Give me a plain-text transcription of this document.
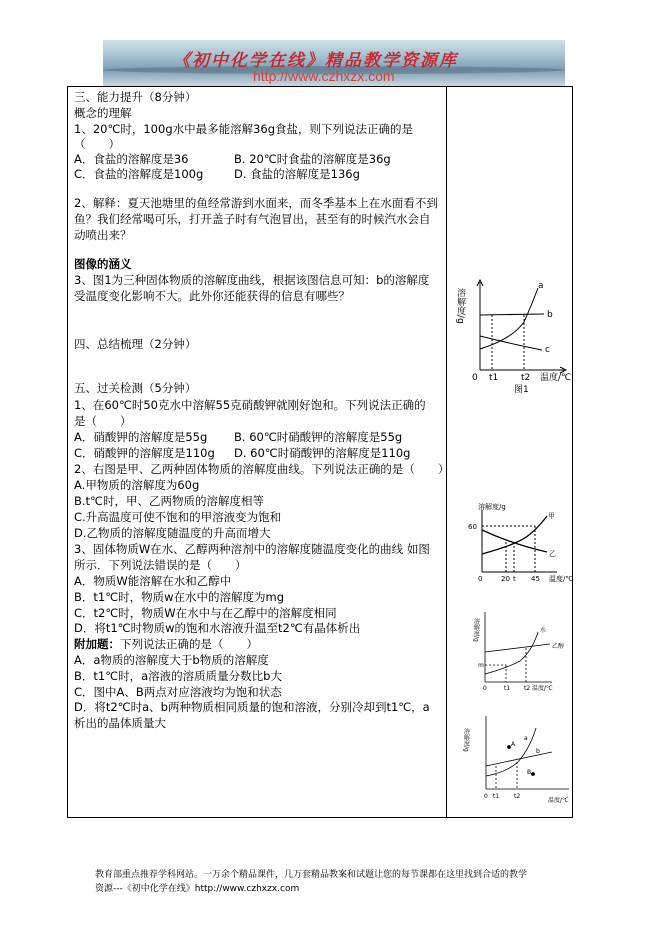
《初中化学在线》精品教学资源库
http://www.czhxzx.com
三、能力提升（8分钟）
概念的理解
1、20℃时，100g水中最多能溶解36g食盐，则下列说法正确的是
（　　）
A．食盐的溶解度是36	B. 20℃时食盐的溶解度是36g
C．食盐的溶解度是100g	D. 食盐的溶解度是136g
2、解释：夏天池塘里的鱼经常游到水面来，而冬季基本上在水面看不到
鱼？我们经常喝可乐，打开盖子时有气泡冒出，甚至有的时候汽水会自
动喷出来？
图像的涵义
3、图1为三种固体物质的溶解度曲线，根据该图信息可知：b的溶解度
受温度变化影响不大。此外你还能获得的信息有哪些？
四、总结梳理（2分钟）
五、过关检测（5分钟）
1、在60℃时50克水中溶解55克硝酸钾就刚好饱和。下列说法正确的
是（　　）
A．硝酸钾的溶解度是55g B. 60℃时硝酸钾的溶解度是55g
C．硝酸钾的溶解度是110g D. 60℃时硝酸钾的溶解度是110g
2、右图是甲、乙两种固体物质的溶解度曲线。下列说法正确的是（　　）
A.甲物质的溶解度为60g
B.t℃时，甲、乙两物质的溶解度相等
C.升高温度可使不饱和的甲溶液变为饱和
D.乙物质的溶解度随温度的升高而增大
3、固体物质W在水、乙醇两种溶剂中的溶解度随温度变化的曲线 如图
所示．下列说法错误的是（　　）
A．物质W能溶解在水和乙醇中
B．t1℃时，物质w在水中的溶解度为mg
C．t2℃时，物质W在水中与在乙醇中的溶解度相同
D．将t1℃时物质w的饱和水溶液升温至t2℃有晶体析出
附加题：下列说法正确的是（　　）
A．a物质的溶解度大于b物质的溶解度
B．t1℃时，a溶液的溶质质量分数比b大
C．图中A、B两点对应溶液均为饱和状态
D．将t2℃时a、b两种物质相同质量的饱和溶液，分别冷却到t1℃，a
析出的晶体质量大
溶解度/g
0 t1	t2 温度/℃
a
b
c
图1
溶解度/g
60
0	20 t 45 温度/℃
甲
乙
溶解度/g
m
0	t1 t2 温度/℃
水
乙醇
溶解度/g
0 t1 t2
温度/℃
a
b
A
B
教育部重点推荐学科网站。一万余个精品课件，几万套精品教案和试题让您的每节课都在这里找到合适的教学
资源---《初中化学在线》http://www.czhxzx.com
